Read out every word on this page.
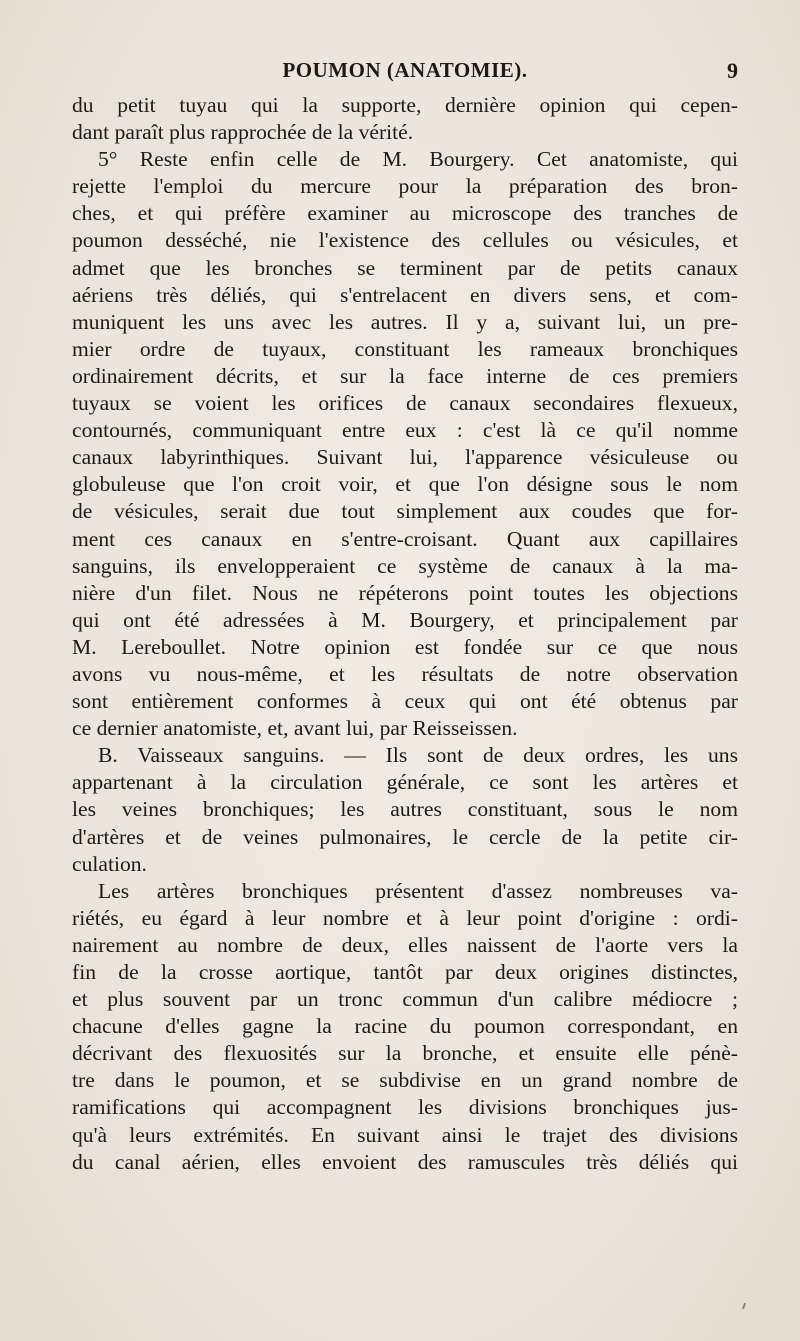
POUMON (ANATOMIE).	9
du petit tuyau qui la supporte, dernière opinion qui cepen-
dant paraît plus rapprochée de la vérité.
5° Reste enfin celle de M. Bourgery. Cet anatomiste, qui
rejette l'emploi du mercure pour la préparation des bron-
ches, et qui préfère examiner au microscope des tranches de
poumon desséché, nie l'existence des cellules ou vésicules, et
admet que les bronches se terminent par de petits canaux
aériens très déliés, qui s'entrelacent en divers sens, et com-
muniquent les uns avec les autres. Il y a, suivant lui, un pre-
mier ordre de tuyaux, constituant les rameaux bronchiques
ordinairement décrits, et sur la face interne de ces premiers
tuyaux se voient les orifices de canaux secondaires flexueux,
contournés, communiquant entre eux : c'est là ce qu'il nomme
canaux labyrinthiques. Suivant lui, l'apparence vésiculeuse ou
globuleuse que l'on croit voir, et que l'on désigne sous le nom
de vésicules, serait due tout simplement aux coudes que for-
ment ces canaux en s'entre-croisant. Quant aux capillaires
sanguins, ils envelopperaient ce système de canaux à la ma-
nière d'un filet. Nous ne répéterons point toutes les objections
qui ont été adressées à M. Bourgery, et principalement par
M. Lereboullet. Notre opinion est fondée sur ce que nous
avons vu nous-même, et les résultats de notre observation
sont entièrement conformes à ceux qui ont été obtenus par
ce dernier anatomiste, et, avant lui, par Reisseissen.
B. Vaisseaux sanguins. — Ils sont de deux ordres, les uns
appartenant à la circulation générale, ce sont les artères et
les veines bronchiques; les autres constituant, sous le nom
d'artères et de veines pulmonaires, le cercle de la petite cir-
culation.
Les artères bronchiques présentent d'assez nombreuses va-
riétés, eu égard à leur nombre et à leur point d'origine : ordi-
nairement au nombre de deux, elles naissent de l'aorte vers la
fin de la crosse aortique, tantôt par deux origines distinctes,
et plus souvent par un tronc commun d'un calibre médiocre ;
chacune d'elles gagne la racine du poumon correspondant, en
décrivant des flexuosités sur la bronche, et ensuite elle pénè-
tre dans le poumon, et se subdivise en un grand nombre de
ramifications qui accompagnent les divisions bronchiques jus-
qu'à leurs extrémités. En suivant ainsi le trajet des divisions
du canal aérien, elles envoient des ramuscules très déliés qui
